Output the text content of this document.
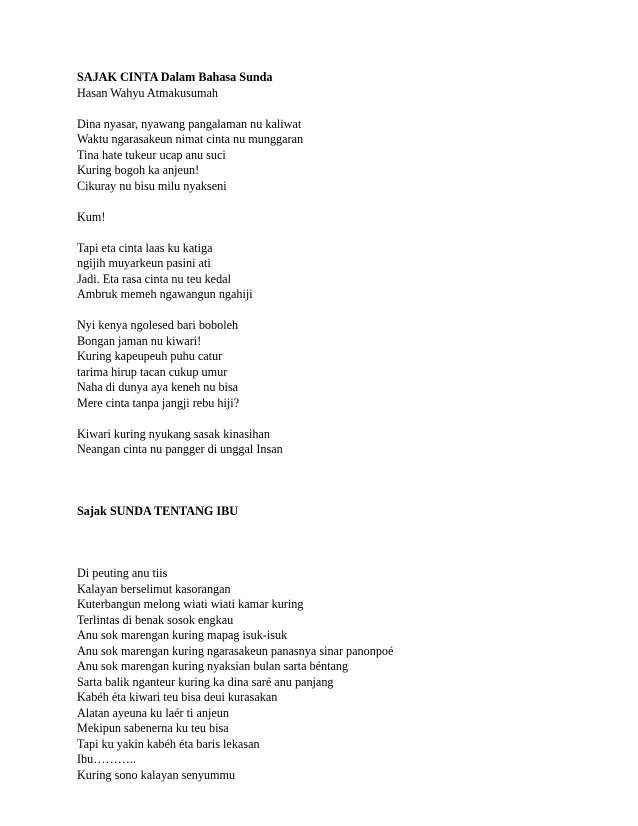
SAJAK CINTA Dalam Bahasa Sunda
Hasan Wahyu Atmakusumah
Dina nyasar, nyawang pangalaman nu kaliwat
Waktu ngarasakeun nimat cinta nu munggaran
Tina hate tukeur ucap anu suci
Kuring bogoh ka anjeun!
Cikuray nu bisu milu nyakseni
Kum!
Tapi eta cinta laas ku katiga
ngijih muyarkeun pasini ati
Jadi. Eta rasa cinta nu teu kedal
Ambruk memeh ngawangun ngahiji
Nyi kenya ngolesed bari boboleh
Bongan jaman nu kiwari!
Kuring kapeupeuh puhu catur
tarima hirup tacan cukup umur
Naha di dunya aya keneh nu bisa
Mere cinta tanpa jangji rebu hiji?
Kiwari kuring nyukang sasak kinasihan
Neangan cinta nu pangger di unggal Insan
Sajak SUNDA TENTANG IBU
Di peuting anu tiis
Kalayan berselimut kasorangan
Kuterbangun melong wiati wiati kamar kuring
Terlintas di benak sosok engkau
Anu sok marengan kuring mapag isuk-isuk
Anu sok marengan kuring ngarasakeun panasnya sinar panonpoé
Anu sok marengan kuring nyaksian bulan sarta béntang
Sarta balik nganteur kuring ka dina saré anu panjang
Kabéh éta kiwari teu bisa deui kurasakan
Alatan ayeuna ku laér ti anjeun
Mekipun sabenerna ku teu bisa
Tapi ku yakin kabéh éta baris lekasan
Ibu………..
Kuring sono kalayan senyummu
